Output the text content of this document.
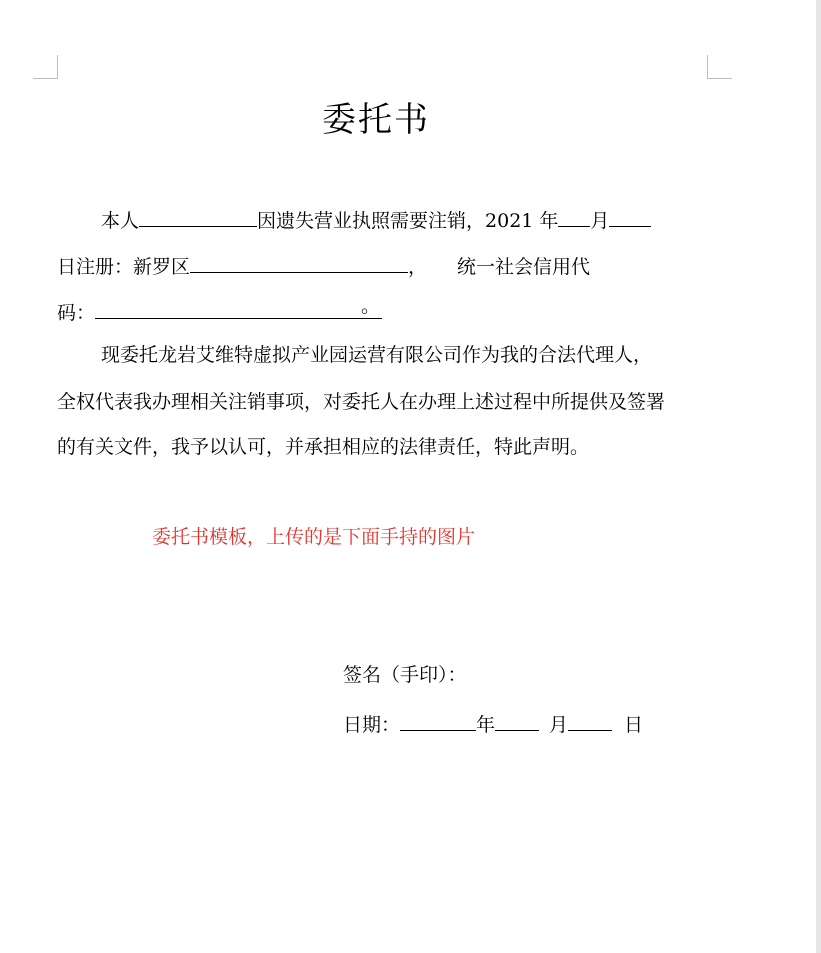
委托书
本人	因遗失营业执照需要注销，2021 年 月
日注册：新罗区	， 统一社会信用代
码：	。
现委托龙岩艾维特虚拟产业园运营有限公司作为我的合法代理人，
全权代表我办理相关注销事项，对委托人在办理上述过程中所提供及签署
的有关文件，我予以认可，并承担相应的法律责任，特此声明。
委托书模板，上传的是下面手持的图片
签名（手印）：
日期：	年	月	日
